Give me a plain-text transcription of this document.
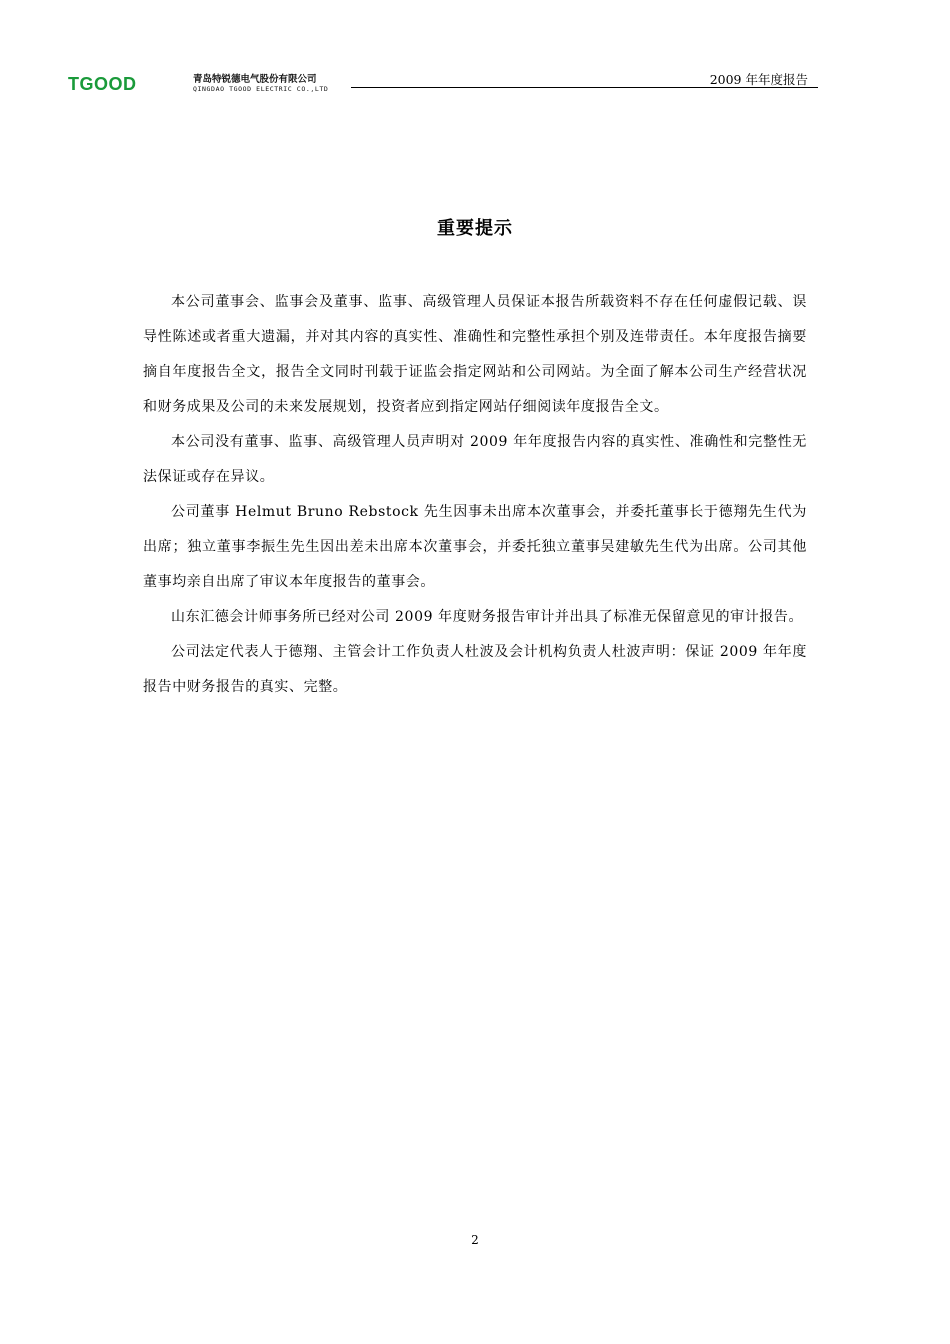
TGOOD	青岛特锐德电气股份有限公司
QINGDAO TGOOD ELECTRIC CO.,LTD
2009 年年度报告
重要提示

本公司董事会、监事会及董事、监事、高级管理人员保证本报告所载资料不存在任何虚假记载、误导性陈述或者重大遗漏，并对其内容的真实性、准确性和完整性承担个别及连带责任。本年度报告摘要摘自年度报告全文，报告全文同时刊载于证监会指定网站和公司网站。为全面了解本公司生产经营状况和财务成果及公司的未来发展规划，投资者应到指定网站仔细阅读年度报告全文。

本公司没有董事、监事、高级管理人员声明对 2009 年年度报告内容的真实性、准确性和完整性无法保证或存在异议。

公司董事 Helmut Bruno Rebstock 先生因事未出席本次董事会，并委托董事长于德翔先生代为出席；独立董事李振生先生因出差未出席本次董事会，并委托独立董事吴建敏先生代为出席。公司其他董事均亲自出席了审议本年度报告的董事会。

山东汇德会计师事务所已经对公司 2009 年度财务报告审计并出具了标准无保留意见的审计报告。

公司法定代表人于德翔、主管会计工作负责人杜波及会计机构负责人杜波声明：保证 2009 年年度报告中财务报告的真实、完整。

2
